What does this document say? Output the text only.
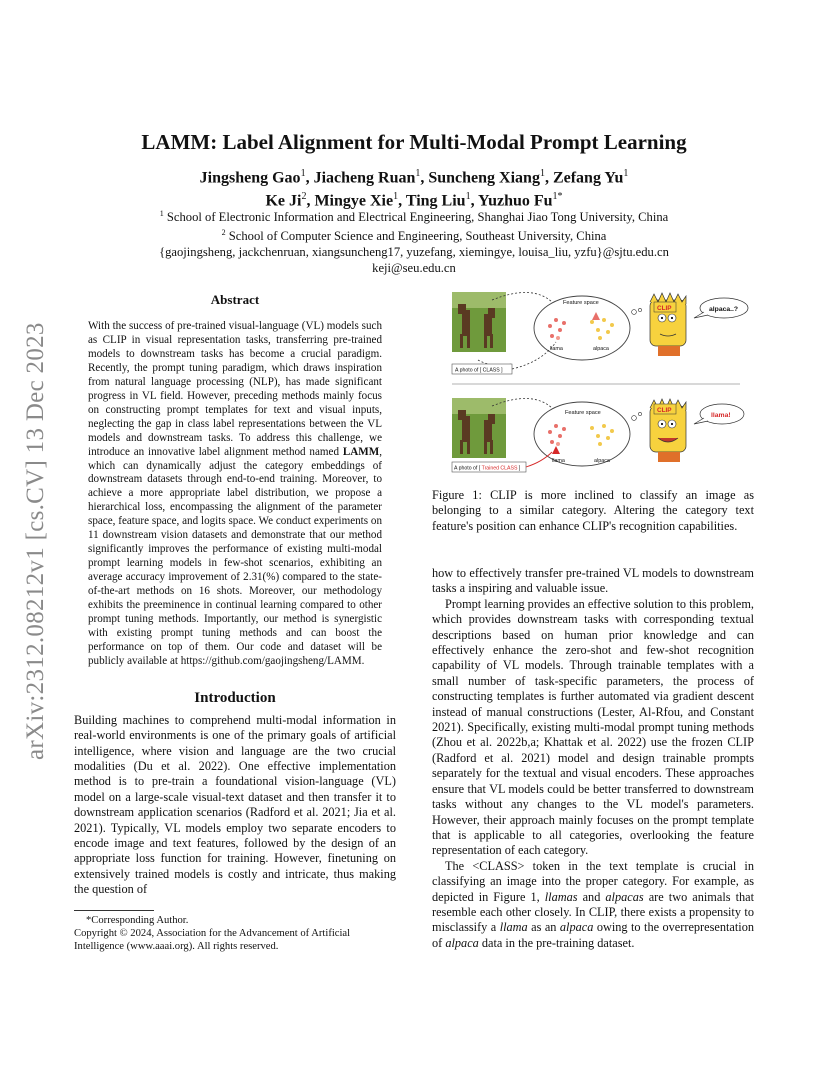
arXiv:2312.08212v1 [cs.CV] 13 Dec 2023
LAMM: Label Alignment for Multi-Modal Prompt Learning
Jingsheng Gao$^1$, Jiacheng Ruan$^1$, Suncheng Xiang$^1$, Zefang Yu$^1$
Ke Ji$^2$, Mingye Xie$^1$, Ting Liu$^1$, Yuzhuo $Fu^{1*}$
$^1$ School of Electronic Information and Electrical Engineering, Shanghai Jiao Tong University, China
$^2$ School of Computer Science and Engineering, Southeast University, China
{gaojingsheng, jackchenruan, xiangsuncheng17, yuzefang, xiemingye, louisa_liu, yzfu}@sjtu.edu.cn
keji@seu.edu.cn
Abstract

With the success of pre-trained visual-language (VL) models such as CLIP in visual representation tasks, transferring pre-trained models to downstream tasks has become a crucial paradigm. Recently, the prompt tuning paradigm, which draws inspiration from natural language processing (NLP), has made significant progress in VL field. However, preceding methods mainly focus on constructing prompt templates for text and visual inputs, neglecting the gap in class label representations between the VL models and downstream tasks. To address this challenge, we introduce an innovative label alignment method named LAMM, which can dynamically adjust the category embeddings of downstream datasets through end-to-end training. Moreover, to achieve a more appropriate label distribution, we propose a hierarchical loss, encompassing the alignment of the parameter space, feature space, and logits space. We conduct experiments on 11 downstream vision datasets and demonstrate that our method significantly improves the performance of existing multi-modal prompt learning models in few-shot scenarios, exhibiting an average accuracy improvement of 2.31(%) compared to the state-of-the-art methods on 16 shots. Moreover, our methodology exhibits the preeminence in continual learning compared to other prompt tuning methods. Importantly, our method is synergistic with existing prompt tuning methods and can boost the performance on top of them. Our code and dataset will be publicly available at https://github.com/gaojingsheng/LAMM.

Introduction

Building machines to comprehend multi-modal information in real-world environments is one of the primary goals of artificial intelligence, where vision and language are the two crucial modalities (Du et al. 2022). One effective implementation method is to pre-train a foundational vision-language (VL) model on a large-scale visual-text dataset and then transfer it to downstream application scenarios (Radford et al. 2021; Jia et al. 2021). Typically, VL models employ two separate encoders to encode image and text features, followed by the design of an appropriate loss function for training. However, finetuning on extensively trained models is costly and intricate, thus making the question of

*Corresponding Author.

Copyright © 2024, Association for the Advancement of Artificial Intelligence (www.aaai.org). All rights reserved.

A photo of [ CLASS ]
Feature space
llama	alpaca
CLIP	alpaca..?
A photo of [ Trained CLASS ]
Feature space
llama	alpaca
CLIP
llama!
Figure 1: CLIP is more inclined to classify an image as belonging to a similar category. Altering the category text feature's position can enhance CLIP's recognition capabilities.

how to effectively transfer pre-trained VL models to downstream tasks a inspiring and valuable issue.

Prompt learning provides an effective solution to this problem, which provides downstream tasks with corresponding textual descriptions based on human prior knowledge and can effectively enhance the zero-shot and few-shot recognition capability of VL models. Through trainable templates with a small number of task-specific parameters, the process of constructing templates is further automated via gradient descent instead of manual constructions (Lester, Al-Rfou, and Constant 2021). Specifically, existing multi-modal prompt tuning methods (Zhou et al. 2022b,a; Khattak et al. 2022) use the frozen CLIP (Radford et al. 2021) model and design trainable prompts separately for the textual and visual encoders. These approaches ensure that VL models could be better transferred to downstream tasks without any changes to the VL model's parameters. However, their approach mainly focuses on the prompt template that is applicable to all categories, overlooking the feature representation of each category.

The <CLASS> token in the text template is crucial in classifying an image into the proper category. For example, as depicted in Figure 1, llamas and alpacas are two animals that resemble each other closely. In CLIP, there exists a propensity to misclassify a llama as an alpaca owing to the overrepresentation of alpaca data in the pre-training dataset.
